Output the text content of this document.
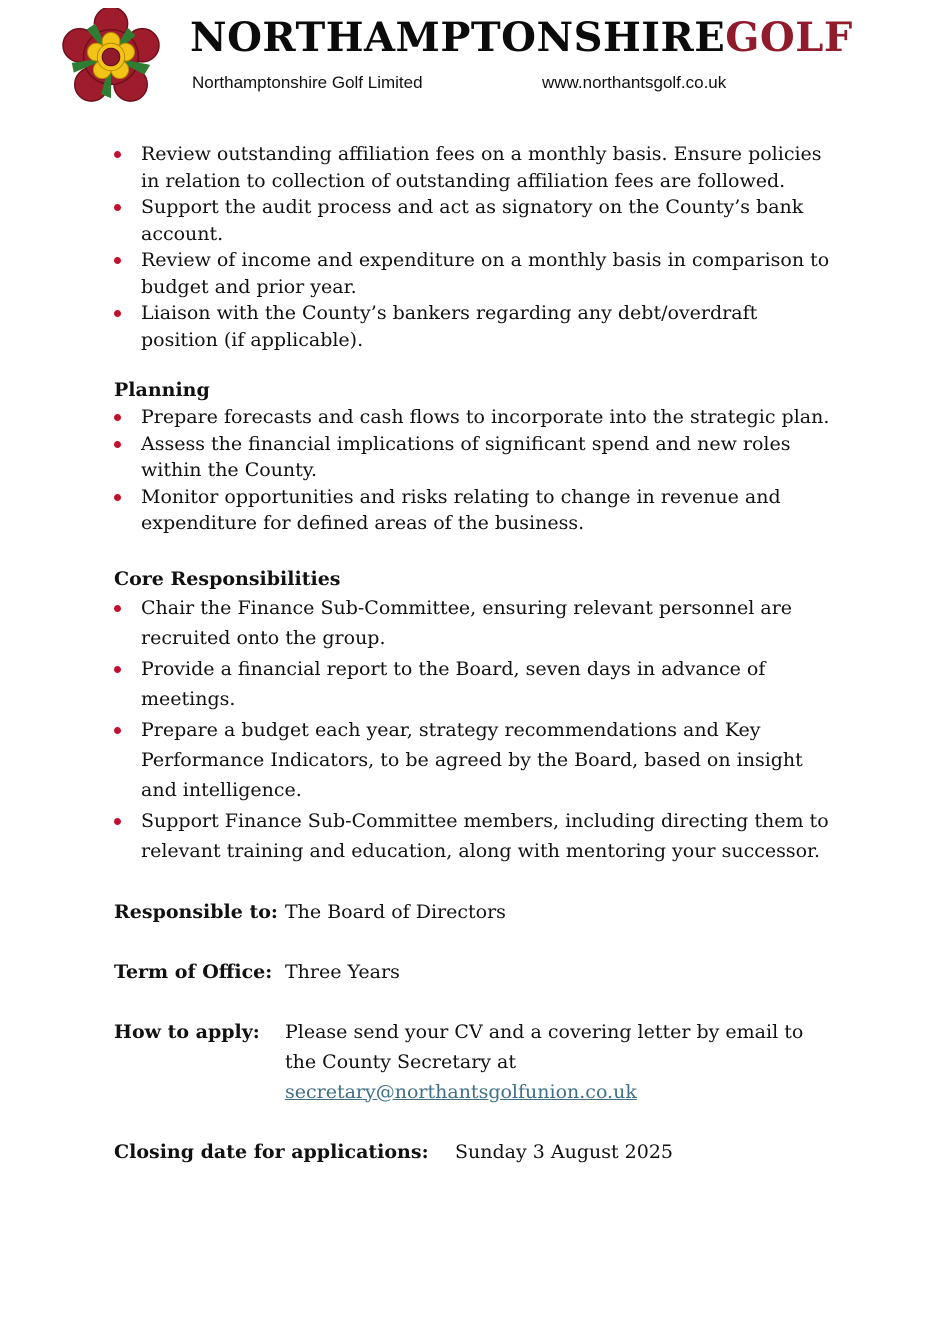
NORTHAMPTONSHIREGOLF
Northamptonshire Golf Limited	www.northantsgolf.co.uk
Review outstanding affiliation fees on a monthly basis. Ensure policies in relation to collection of outstanding affiliation fees are followed.
Support the audit process and act as signatory on the County’s bank account.
Review of income and expenditure on a monthly basis in comparison to budget and prior year.
Liaison with the County’s bankers regarding any debt/overdraft position (if applicable).
Planning
Prepare forecasts and cash flows to incorporate into the strategic plan.
Assess the financial implications of significant spend and new roles within the County.
Monitor opportunities and risks relating to change in revenue and expenditure for defined areas of the business.
Core Responsibilities
Chair the Finance Sub-Committee, ensuring relevant personnel are recruited onto the group.
Provide a financial report to the Board, seven days in advance of meetings.
Prepare a budget each year, strategy recommendations and Key Performance Indicators, to be agreed by the Board, based on insight and intelligence.
Support Finance Sub-Committee members, including directing them to relevant training and education, along with mentoring your successor.
Responsible to: The Board of Directors
Term of Office: Three Years
How to apply: Please send your CV and a covering letter by email to the County Secretary at secretary@northantsgolfunion.co.uk
Closing date for applications: Sunday 3 August 2025
